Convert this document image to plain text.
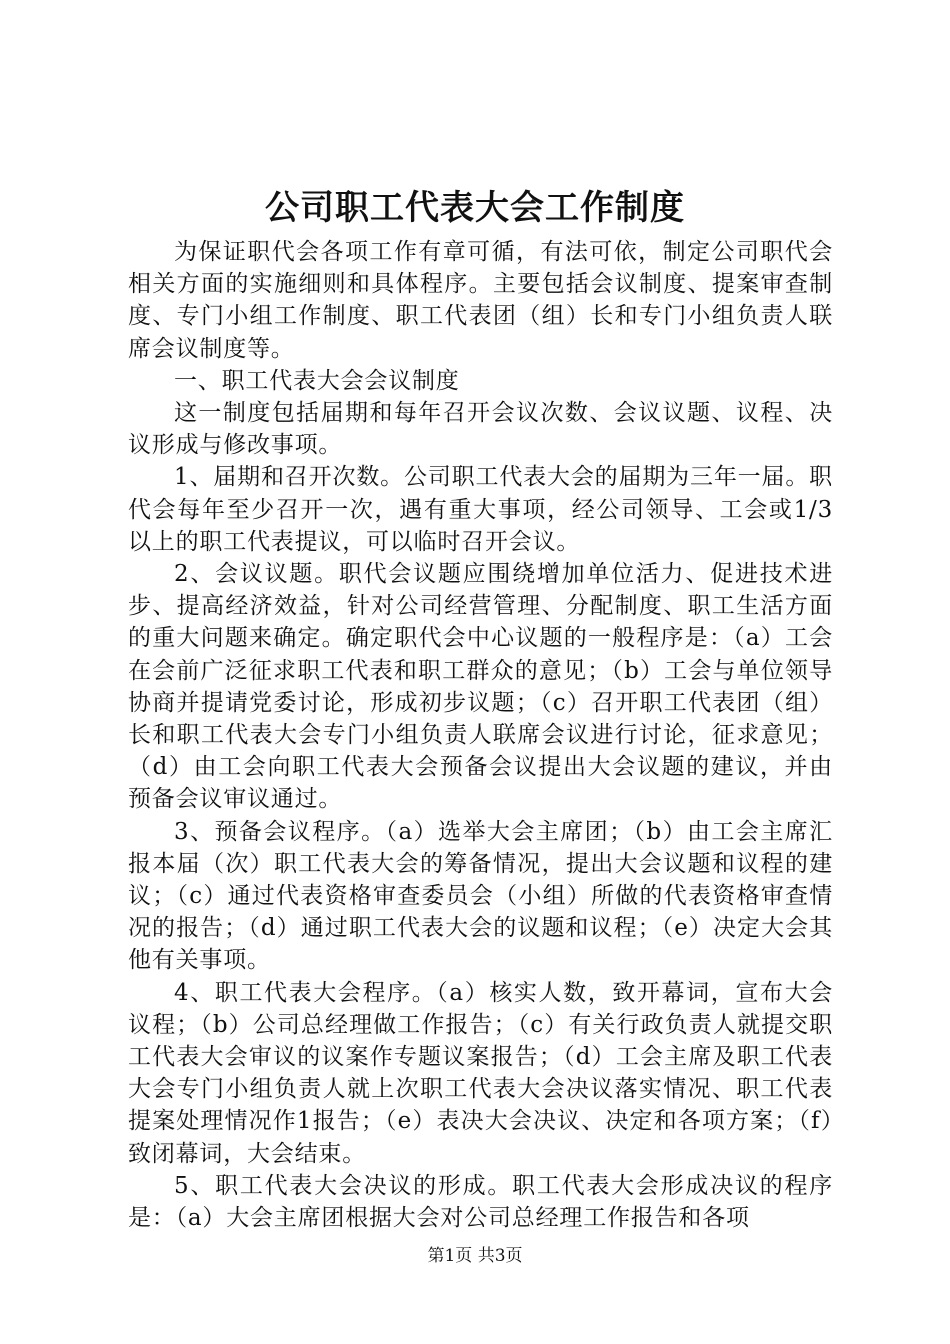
公司职工代表大会工作制度

为保证职代会各项工作有章可循，有法可依，制定公司职代会相关方面的实施细则和具体程序。主要包括会议制度、提案审查制度、专门小组工作制度、职工代表团（组）长和专门小组负责人联席会议制度等。

一、职工代表大会会议制度

这一制度包括届期和每年召开会议次数、会议议题、议程、决议形成与修改事项。

1、届期和召开次数。公司职工代表大会的届期为三年一届。职代会每年至少召开一次，遇有重大事项，经公司领导、工会或1/3以上的职工代表提议，可以临时召开会议。

2、会议议题。职代会议题应围绕增加单位活力、促进技术进步、提高经济效益，针对公司经营管理、分配制度、职工生活方面的重大问题来确定。确定职代会中心议题的一般程序是：（a）工会在会前广泛征求职工代表和职工群众的意见；（b）工会与单位领导协商并提请党委讨论，形成初步议题；（c）召开职工代表团（组）长和职工代表大会专门小组负责人联席会议进行讨论，征求意见；（d）由工会向职工代表大会预备会议提出大会议题的建议，并由预备会议审议通过。

3、预备会议程序。（a）选举大会主席团；（b）由工会主席汇报本届（次）职工代表大会的筹备情况，提出大会议题和议程的建议；（c）通过代表资格审查委员会（小组）所做的代表资格审查情况的报告；（d）通过职工代表大会的议题和议程；（e）决定大会其他有关事项。

4、职工代表大会程序。（a）核实人数，致开幕词，宣布大会议程；（b）公司总经理做工作报告；（c）有关行政负责人就提交职工代表大会审议的议案作专题议案报告；（d）工会主席及职工代表大会专门小组负责人就上次职工代表大会决议落实情况、职工代表提案处理情况作1报告；（e）表决大会决议、决定和各项方案；（f）致闭幕词，大会结束。

5、职工代表大会决议的形成。职工代表大会形成决议的程序是：（a）大会主席团根据大会对公司总经理工作报告和各项

第1页 共3页
